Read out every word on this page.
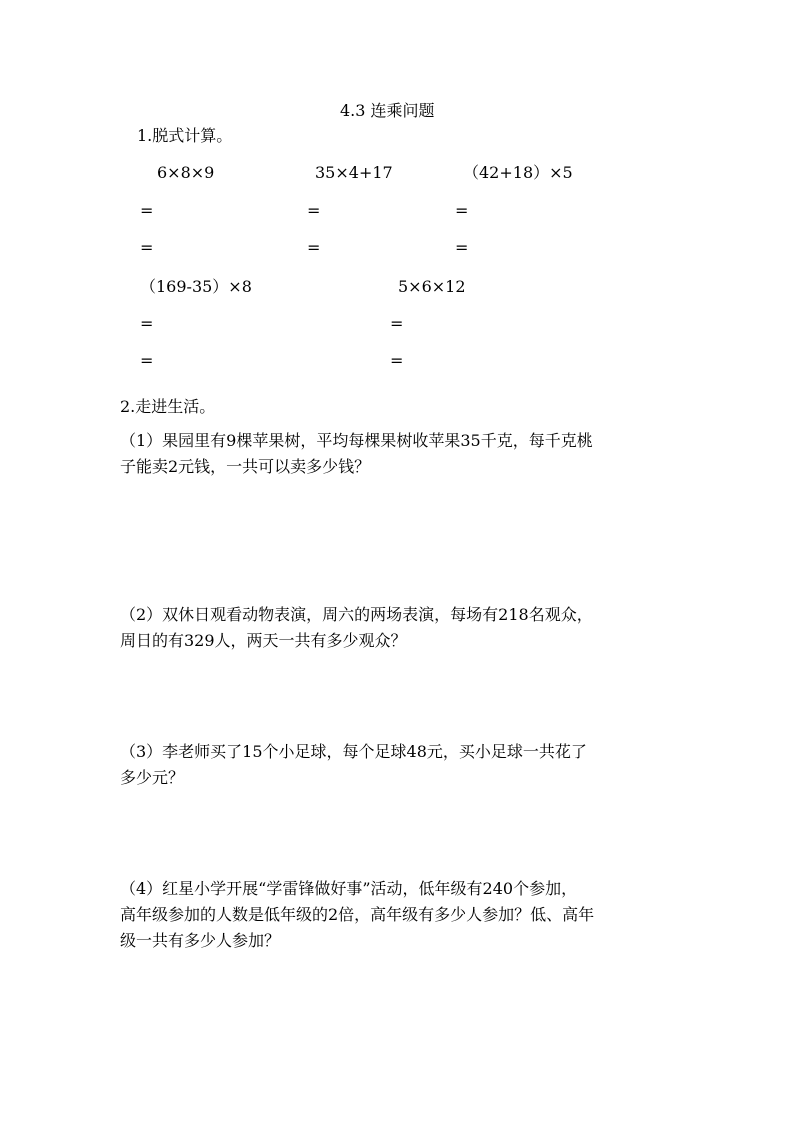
4.3 连乘问题
1.脱式计算。
6×8×9	35×4+17	（42+18）×5
=	=	=
=	=	=
（169-35）×8	5×6×12
=	=
=	=
2.走进生活。
（1）果园里有9棵苹果树，平均每棵果树收苹果35千克，每千克桃
子能卖2元钱，一共可以卖多少钱？
（2）双休日观看动物表演，周六的两场表演，每场有218名观众，
周日的有329人，两天一共有多少观众？
（3）李老师买了15个小足球，每个足球48元，买小足球一共花了
多少元？
（4）红星小学开展“学雷锋做好事”活动，低年级有240个参加，
高年级参加的人数是低年级的2倍，高年级有多少人参加？低、高年
级一共有多少人参加？
